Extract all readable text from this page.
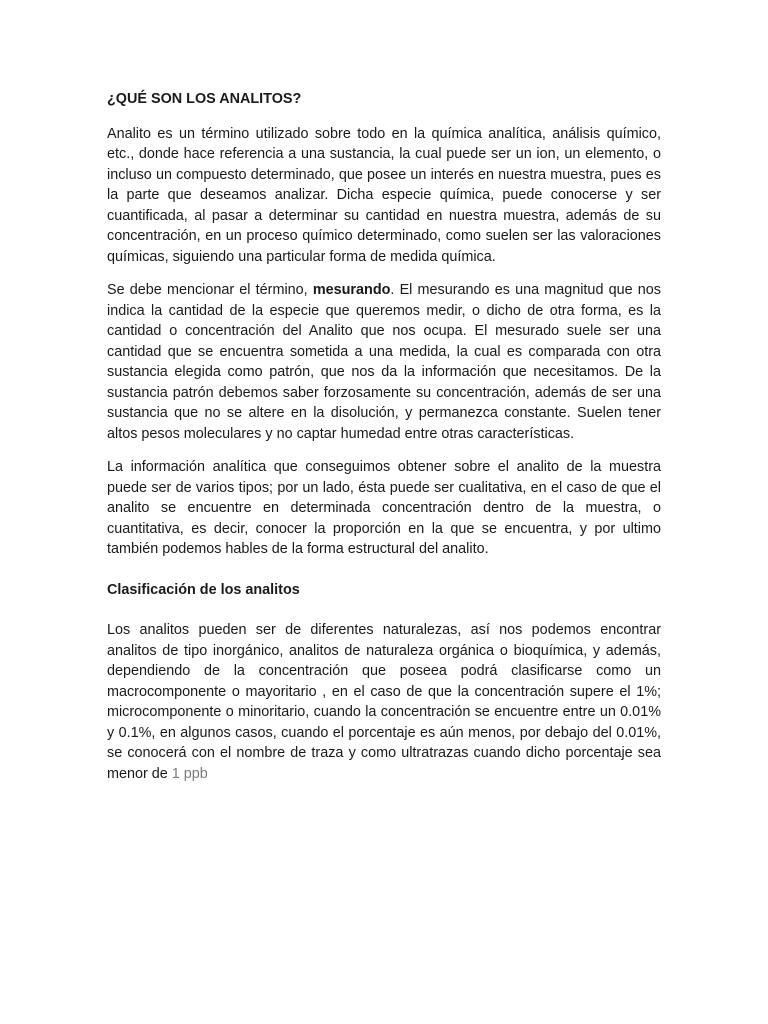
¿QUÉ SON LOS ANALITOS?

Analito es un término utilizado sobre todo en la química analítica, análisis químico, etc., donde hace referencia a una sustancia, la cual puede ser un ion, un elemento, o incluso un compuesto determinado, que posee un interés en nuestra muestra, pues es la parte que deseamos analizar. Dicha especie química, puede conocerse y ser cuantificada, al pasar a determinar su cantidad en nuestra muestra, además de su concentración, en un proceso químico determinado, como suelen ser las valoraciones químicas, siguiendo una particular forma de medida química.

Se debe mencionar el término, mesurando. El mesurando es una magnitud que nos indica la cantidad de la especie que queremos medir, o dicho de otra forma, es la cantidad o concentración del Analito que nos ocupa. El mesurado suele ser una cantidad que se encuentra sometida a una medida, la cual es comparada con otra sustancia elegida como patrón, que nos da la información que necesitamos. De la sustancia patrón debemos saber forzosamente su concentración, además de ser una sustancia que no se altere en la disolución, y permanezca constante. Suelen tener altos pesos moleculares y no captar humedad entre otras características.

La información analítica que conseguimos obtener sobre el analito de la muestra puede ser de varios tipos; por un lado, ésta puede ser cualitativa, en el caso de que el analito se encuentre en determinada concentración dentro de la muestra, o cuantitativa, es decir, conocer la proporción en la que se encuentra, y por ultimo también podemos hables de la forma estructural del analito.

Clasificación de los analitos

Los analitos pueden ser de diferentes naturalezas, así nos podemos encontrar analitos de tipo inorgánico, analitos de naturaleza orgánica o bioquímica, y además, dependiendo de la concentración que poseea podrá clasificarse como un macrocomponente o mayoritario , en el caso de que la concentración supere el 1%; microcomponente o minoritario, cuando la concentración se encuentre entre un 0.01% y 0.1%, en algunos casos, cuando el porcentaje es aún menos, por debajo del 0.01%, se conocerá con el nombre de traza y como ultratrazas cuando dicho porcentaje sea menor de 1 ppb
